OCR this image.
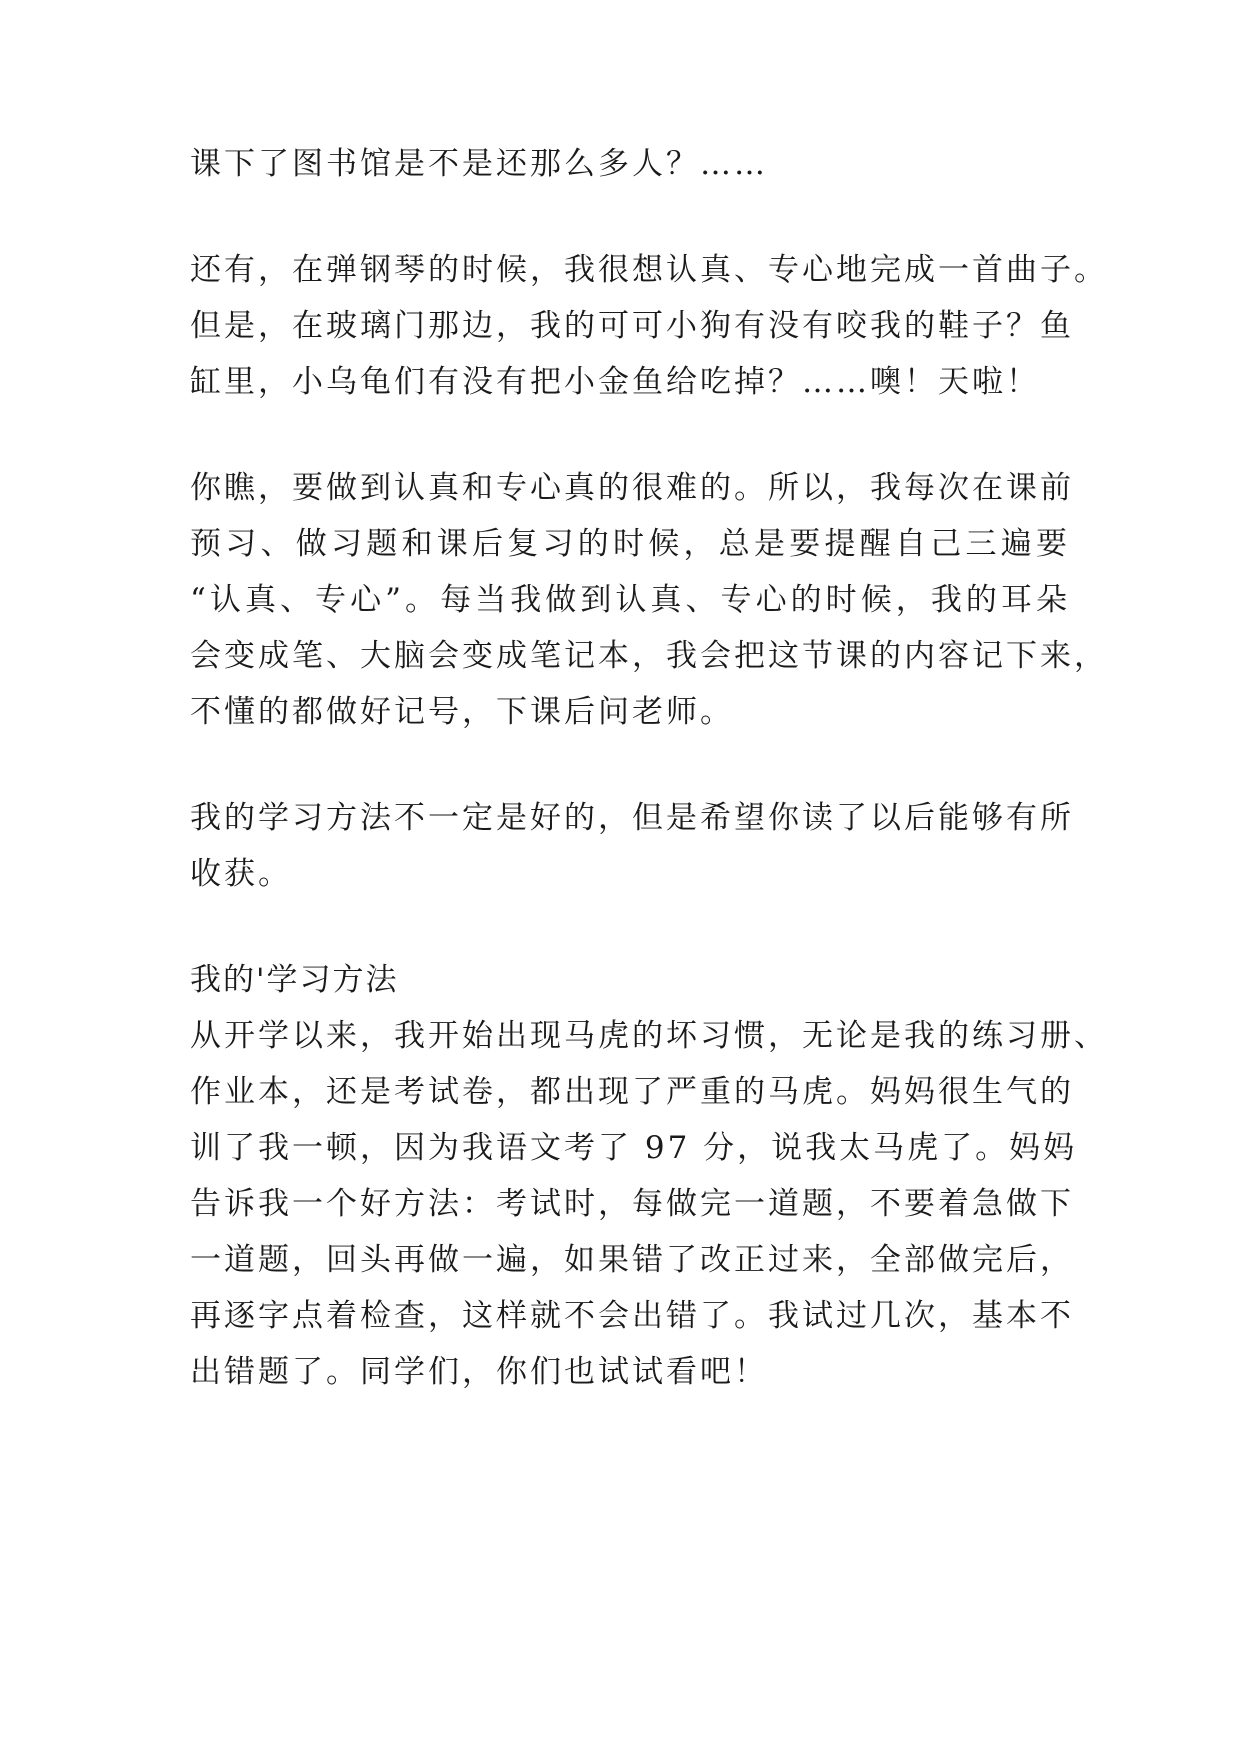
课下了图书馆是不是还那么多人？……
还有，在弹钢琴的时候，我很想认真、专心地完成一首曲子。
但是，在玻璃门那边，我的可可小狗有没有咬我的鞋子？鱼
缸里，小乌龟们有没有把小金鱼给吃掉？……噢！天啦！
你瞧，要做到认真和专心真的很难的。所以，我每次在课前
预习、做习题和课后复习的时候，总是要提醒自己三遍要
“认真、专心”。每当我做到认真、专心的时候，我的耳朵
会变成笔、大脑会变成笔记本，我会把这节课的内容记下来，
不懂的都做好记号，下课后问老师。
我的学习方法不一定是好的，但是希望你读了以后能够有所
收获。
我的'学习方法
从开学以来，我开始出现马虎的坏习惯，无论是我的练习册、
作业本，还是考试卷，都出现了严重的马虎。妈妈很生气的
训了我一顿，因为我语文考了 97 分，说我太马虎了。妈妈
告诉我一个好方法：考试时，每做完一道题，不要着急做下
一道题，回头再做一遍，如果错了改正过来，全部做完后，
再逐字点着检查，这样就不会出错了。我试过几次，基本不
出错题了。同学们，你们也试试看吧！
